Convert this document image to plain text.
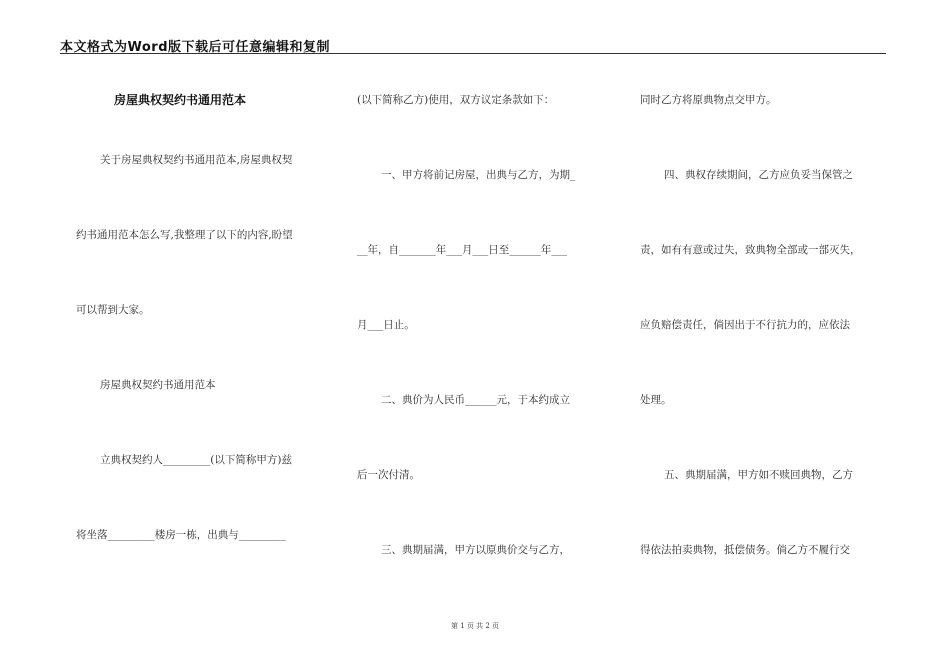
本文格式为Word版下载后可任意编辑和复制
房屋典权契约书通用范本
关于房屋典权契约书通用范本,房屋典权契
约书通用范本怎么写,我整理了以下的内容,盼望
可以帮到大家。
房屋典权契约书通用范本
立典权契约人_________(以下简称甲方)兹
将坐落_________楼房一栋，出典与_________
(以下简称乙方)使用，双方议定条款如下：
一、甲方将前记房屋，出典与乙方，为期_
__年，自_______年___月___日至______年___
月___日止。
二、典价为人民币______元，于本约成立
后一次付清。
三、典期届满，甲方以原典价交与乙方，
同时乙方将原典物点交甲方。
四、典权存续期间，乙方应负妥当保管之
责，如有有意或过失，致典物全部或一部灭失，
应负赔偿责任，倘因出于不行抗力的，应依法
处理。
五、典期届满，甲方如不赎回典物，乙方
得依法拍卖典物，抵偿债务。倘乙方不履行交
第 1 页 共 2 页
